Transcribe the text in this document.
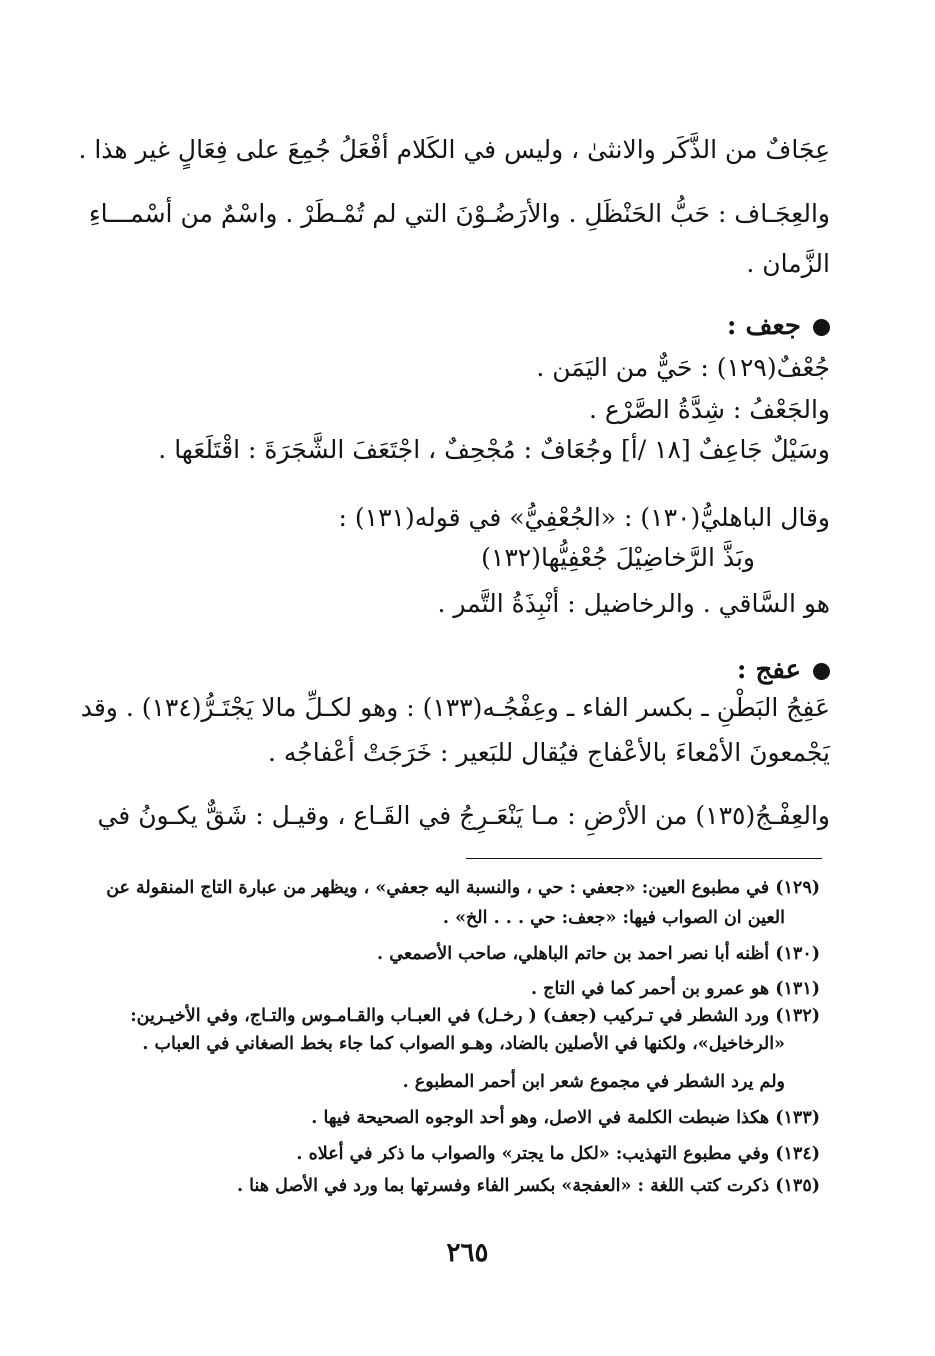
عِجَافٌ من الذَّكَر والانثىٰ ، وليس في الكَلام أفْعَلُ جُمِعَ على فِعَالٍ غير هذا .
والعِجَـاف : حَبُّ الحَنْظَلِ . والأرَضُـوْنَ التي لم تُمْـطَرْ . واسْمٌ من أسْمـــاءِ
الزَّمان .
جعف :
جُعْفٌ(١٢٩) : حَيٌّ من اليَمَن .
والجَعْفُ : شِدَّةُ الصَّرْع .
وسَيْلٌ جَاعِفٌ [١٨ /أ] وجُعَافٌ : مُجْحِفٌ ، اجْتَعَفَ الشَّجَرَةَ : اقْتَلَعَها .
وقال الباهليُّ(١٣٠) : «الجُعْفِيُّ» في قوله(١٣١) :
وبَذَّ الرَّخاضِيْلَ جُعْفِيُّها(١٣٢)
هو السَّاقي . والرخاضيل : أنْبِذَةُ التَّمر .
عفج :
عَفِجُ البَطْنِ ـ بكسر الفاء ـ وعِفْجُـه(١٣٣) : وهو لكـلِّ مالا يَجْتَـرُّ(١٣٤) . وقد
يَجْمعونَ الأمْعاءَ بالأعْفاج فيُقال للبَعير : خَرَجَتْ أعْفاجُه .
والعِفْـجُ(١٣٥) من الأرْضِ : مـا يَنْعَـرِجُ في القَـاع ، وقيـل : شَقٌّ يكـونُ في
(١٢٩) في مطبوع العين: «جعفي : حي ، والنسبة اليه جعفي» ، ويظهر من عبارة التاج المنقولة عن
العين ان الصواب فيها: «جعف: حي . . . الخ» .
(١٣٠) أظنه أبا نصر احمد بن حاتم الباهلي، صاحب الأصمعي .
(١٣١) هو عمرو بن أحمر كما في التاج .
(١٣٢) ورد الشطر في تـركيب (جعف) ( رخـل) في العبـاب والقـامـوس والتـاج، وفي الأخيـرين:
«الرخاخيل»، ولكنها في الأصلين بالضاد، وهـو الصواب كما جاء بخط الصغاني في العباب .
ولم يرد الشطر في مجموع شعر ابن أحمر المطبوع .
(١٣٣) هكذا ضبطت الكلمة في الاصل، وهو أحد الوجوه الصحيحة فيها .
(١٣٤) وفي مطبوع التهذيب: «لكل ما يجتر» والصواب ما ذكر في أعلاه .
(١٣٥) ذكرت كتب اللغة : «العفجة» بكسر الفاء وفسرتها بما ورد في الأصل هنا .
٢٦٥
